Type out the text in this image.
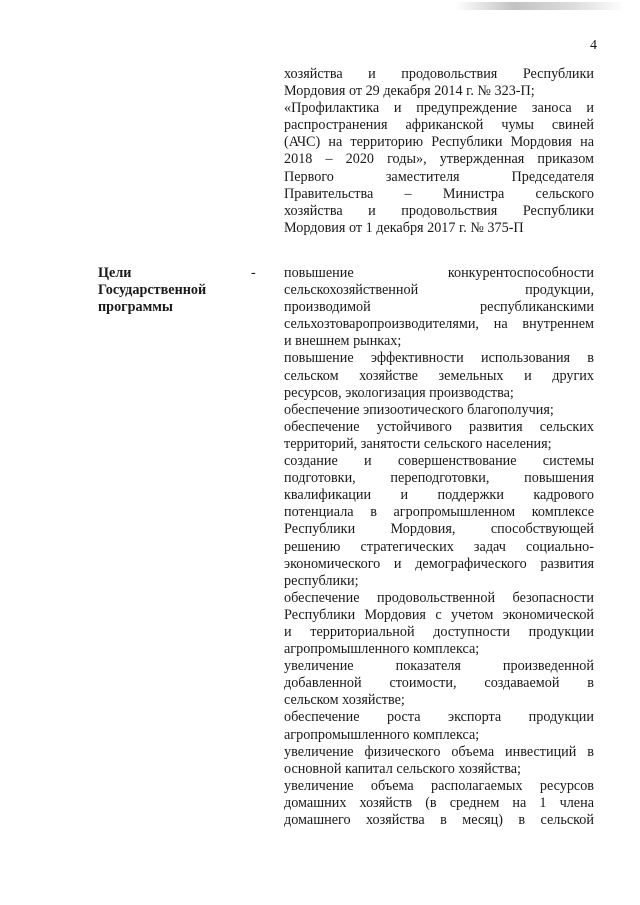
4
хозяйства и продовольствия Республики
Мордовия от 29 декабря 2014 г. № 323-П;
«Профилактика и предупреждение заноса и
распространения африканской чумы свиней
(АЧС) на территорию Республики Мордовия на
2018 – 2020 годы», утвержденная приказом
Первого заместителя Председателя
Правительства – Министра сельского
хозяйства и продовольствия Республики
Мордовия от 1 декабря 2017 г. № 375-П
Цели Государственной программы
- повышение конкурентоспособности
сельскохозяйственной продукции,
производимой республиканскими
сельхозтоваропроизводителями, на внутреннем
и внешнем рынках;
повышение эффективности использования в
сельском хозяйстве земельных и других
ресурсов, экологизация производства;
обеспечение эпизоотического благополучия;
обеспечение устойчивого развития сельских
территорий, занятости сельского населения;
создание и совершенствование системы
подготовки, переподготовки, повышения
квалификации и поддержки кадрового
потенциала в агропромышленном комплексе
Республики Мордовия, способствующей
решению стратегических задач социально-
экономического и демографического развития
республики;
обеспечение продовольственной безопасности
Республики Мордовия с учетом экономической
и территориальной доступности продукции
агропромышленного комплекса;
увеличение показателя произведенной
добавленной стоимости, создаваемой в
сельском хозяйстве;
обеспечение роста экспорта продукции
агропромышленного комплекса;
увеличение физического объема инвестиций в
основной капитал сельского хозяйства;
увеличение объема располагаемых ресурсов
домашних хозяйств (в среднем на 1 члена
домашнего хозяйства в месяц) в сельской
